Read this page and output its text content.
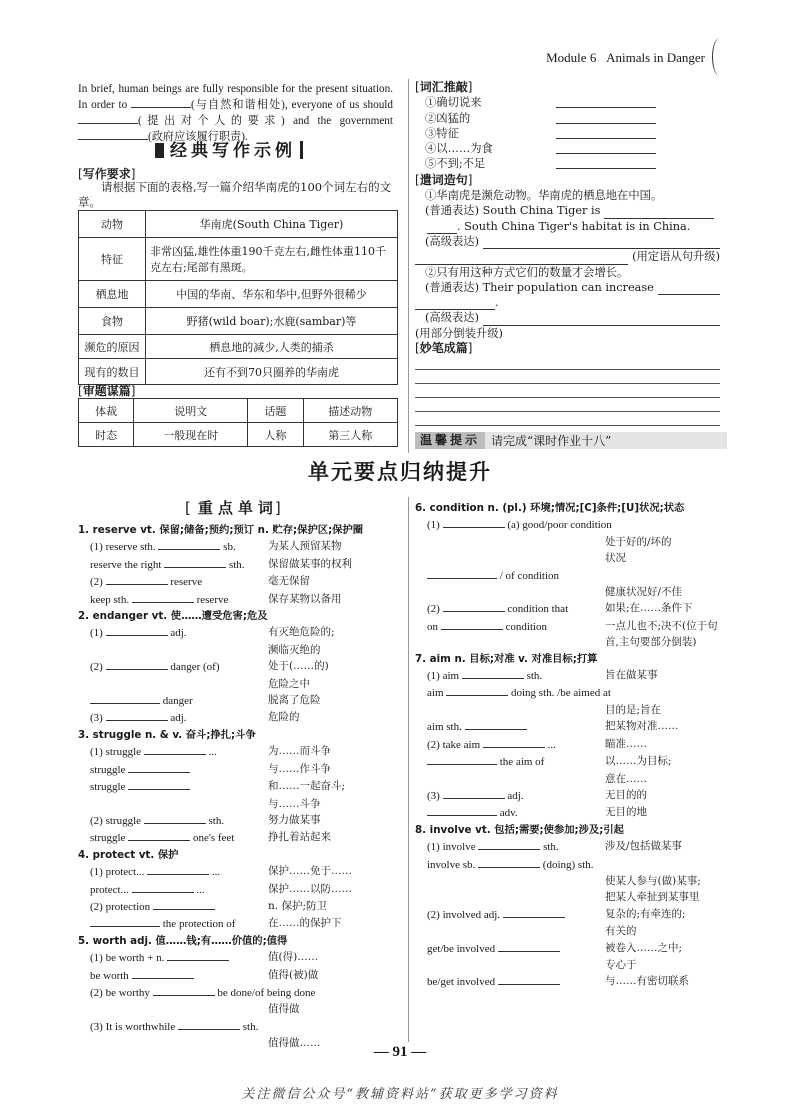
Module 6 Animals in Danger

In brief, human beings are fully responsible for the present situation. In order to	(与自然和谐相处), everyone of us should (提出对个人的要求) and the government (政府应该履行职责).

经典写作示例
[ 写作要求 ]
请根据下面的表格,写一篇介绍华南虎的100个词左右的文章。
动物	华南虎(South China Tiger)
特征	非常凶猛,雄性体重190千克左右,雌性体重110千克左右;尾部有黑斑。
栖息地	中国的华南、华东和华中,但野外很稀少
食物	野猪(wild boar);水鹿(sambar)等
濒危的原因	栖息地的减少,人类的捕杀
现有的数目	还有不到70只圈养的华南虎
[ 审题谋篇 ]
体裁	说明文	话题	描述动物
时态	一般现在时	人称	第三人称
[ 词汇推敲 ]
①确切说来
②凶猛的
③特征
④以……为食
⑤不到;不足
[ 遣词造句 ]
①华南虎是濒危动物。华南虎的栖息地在中国。
(普通表达) South China Tiger is
. South China Tiger's habitat is in China.
(高级表达)
(用定语从句升级)
②只有用这种方式它们的数量才会增长。
(普通表达) Their population can increase
.
(高级表达)
(用部分倒装升级)
[ 妙笔成篇 ]
温馨提示 请完成“课时作业十八”
单元要点归纳提升
[ 重点单词 ]
1. reserve vt. 保留;储备;预约;预订 n. 贮存;保护区;保护圈
(1) reserve sth.	sb.	为某人预留某物
reserve the right	sth.	保留做某事的权利
(2)	reserve	毫无保留
keep sth.	reserve	保存某物以备用
2. endanger vt. 使……遭受危害;危及
(1)	adj.	有灭绝危险的;
濒临灭绝的
(2)	danger (of)	处于(……的)
危险之中
danger	脱离了危险
(3)	adj.	危险的
3. struggle n. & v. 奋斗;挣扎;斗争
(1) struggle	...	为……而斗争
struggle	与……作斗争
struggle	和……一起奋斗;
与……斗争
(2) struggle	sth.	努力做某事
struggle	one's feet	挣扎着站起来
4. protect vt. 保护
(1) protect...	...	保护……免于……
protect...	...	保护……以防……
(2) protection	n. 保护;防卫
the protection of	在……的保护下
5. worth adj. 值……钱;有……价值的;值得
(1) be worth + n.	值(得)……
be worth	值得(被)做
(2) be worthy	be done/of being done
值得做
(3) It is worthwhile	sth.
值得做……
6. condition n. (pl.) 环境;情况;[C]条件;[U]状况;状态
(1)	(a) good/poor condition
处于好的/坏的
状况
/ of condition
健康状况好/不佳
(2)	condition that	如果;在……条件下
on	condition	一点儿也不;决不(位于句首,主句要部分倒装)
7. aim n. 目标;对准 v. 对准目标;打算
(1) aim	sth.	旨在做某事
aim	doing sth. /be aimed at
目的是;旨在
aim sth.	把某物对准……
(2) take aim	...	瞄准……
the aim of	以……为目标;
意在……
(3)	adj.	无目的的
adv.	无目的地
8. involve vt. 包括;需要;使参加;涉及;引起
(1) involve	sth.	涉及/包括做某事
involve sb.	(doing) sth.
使某人参与(做)某事;
把某人牵扯到某事里
(2) involved adj.	复杂的;有牵连的;
有关的
get/be involved	被卷入……之中;
专心于
be/get involved	与……有密切联系
— 91 —
关注微信公众号“教辅资料站”获取更多学习资料
